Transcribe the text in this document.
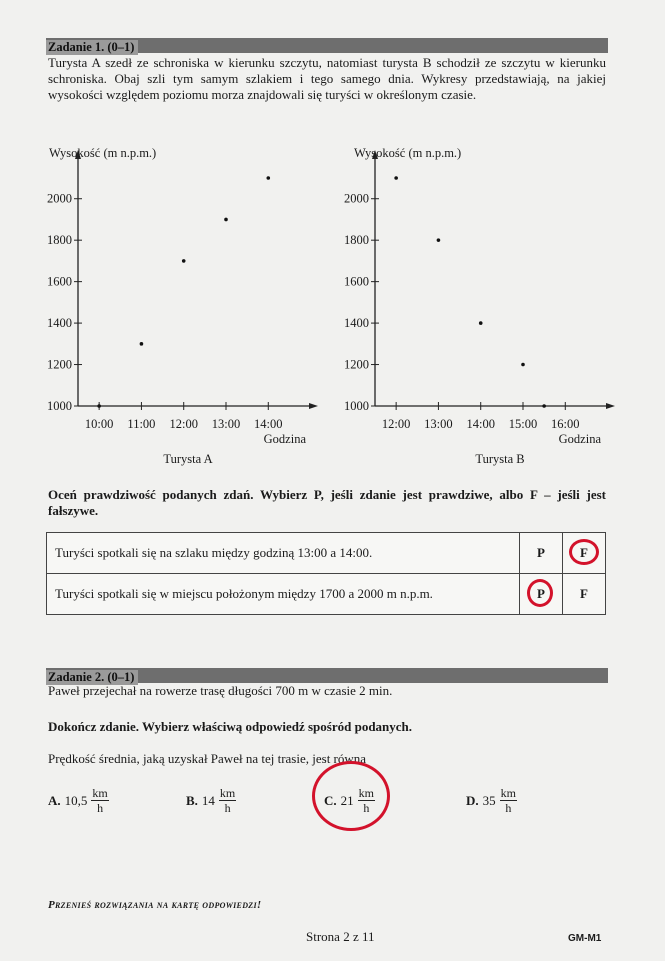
Zadanie 1. (0–1)
Turysta A szedł ze schroniska w kierunku szczytu, natomiast turysta B schodził ze szczytu w kierunku schroniska. Obaj szli tym samym szlakiem i tego samego dnia. Wykresy przedstawiają, na jakiej wysokości względem poziomu morza znajdowali się turyści w określonym czasie.
1000
1200
1400
1600
1800
2000
10:00 11:00 12:00 13:00 14:00
Wysokość (m n.p.m.)
Godzina
Turysta A
1000
1200
1400
1600
1800
2000
12:00 13:00 14:00 15:00 16:00
Wysokość (m n.p.m.)
Godzina
Turysta B
Oceń prawdziwość podanych zdań. Wybierz P, jeśli zdanie jest prawdziwe, albo F – jeśli jest fałszywe.
Turyści spotkali się na szlaku między godziną 13:00 a 14:00.	P	F

Turyści spotkali się w miejscu położonym między 1700 a 2000 m n.p.m.	P	F
Zadanie 2. (0–1)
Paweł przejechał na rowerze trasę długości 700 m w czasie 2 min.
Dokończ zdanie. Wybierz właściwą odpowiedź spośród podanych.
Prędkość średnia, jaką uzyskał Paweł na tej trasie, jest równa
A. $10,5 \frac{km}{h}$	B. $14 \frac{km}{h}$	C. $21 \frac{km}{h}$	D. $35 \frac{km}{h}$
Przenieś rozwiązania na kartę odpowiedzi!
Strona 2 z 11	GM-M1
